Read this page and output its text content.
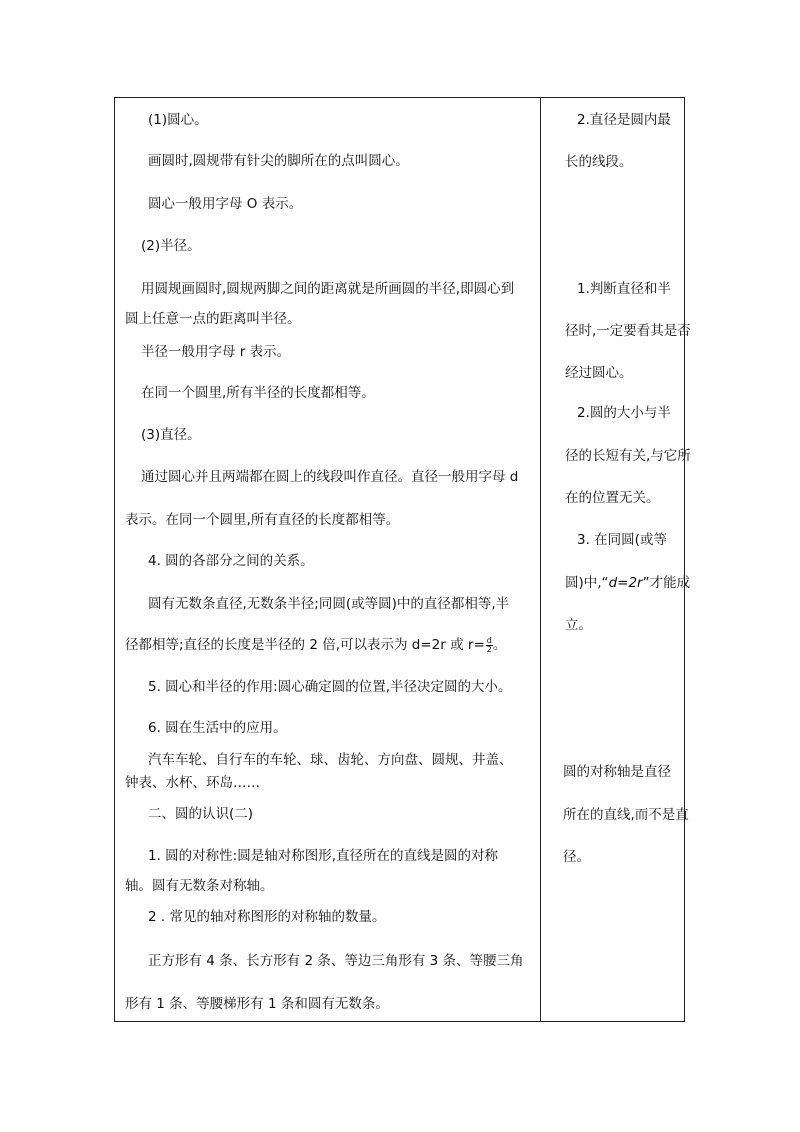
(1)圆心。
画圆时,圆规带有针尖的脚所在的点叫圆心。
圆心一般用字母 O 表示。
(2)半径。
用圆规画圆时,圆规两脚之间的距离就是所画圆的半径,即圆心到
圆上任意一点的距离叫半径。
半径一般用字母 r 表示。
在同一个圆里,所有半径的长度都相等。
(3)直径。
通过圆心并且两端都在圆上的线段叫作直径。直径一般用字母 d
表示。在同一个圆里,所有直径的长度都相等。
4. 圆的各部分之间的关系。
圆有无数条直径,无数条半径;同圆(或等圆)中的直径都相等,半
径都相等;直径的长度是半径的 2 倍,可以表示为 d=2r 或 $r= \frac{d}{2}$ 。
5. 圆心和半径的作用:圆心确定圆的位置,半径决定圆的大小。
6. 圆在生活中的应用。
汽车车轮、自行车的车轮、球、齿轮、方向盘、圆规、井盖、
钟表、水杯、环岛……
二、圆的认识(二)
1. 圆的对称性:圆是轴对称图形,直径所在的直线是圆的对称
轴。圆有无数条对称轴。
2 . 常见的轴对称图形的对称轴的数量。
正方形有 4 条、长方形有 2 条、等边三角形有 3 条、等腰三角
形有 1 条、等腰梯形有 1 条和圆有无数条。
2.直径是圆内最
长的线段。
1.判断直径和半
径时,一定要看其是否
经过圆心。
2.圆的大小与半
径的长短有关,与它所
在的位置无关。
3. 在同圆(或等
圆)中,“d=2r”才能成
立。
圆的对称轴是直径
所在的直线,而不是直
径。
